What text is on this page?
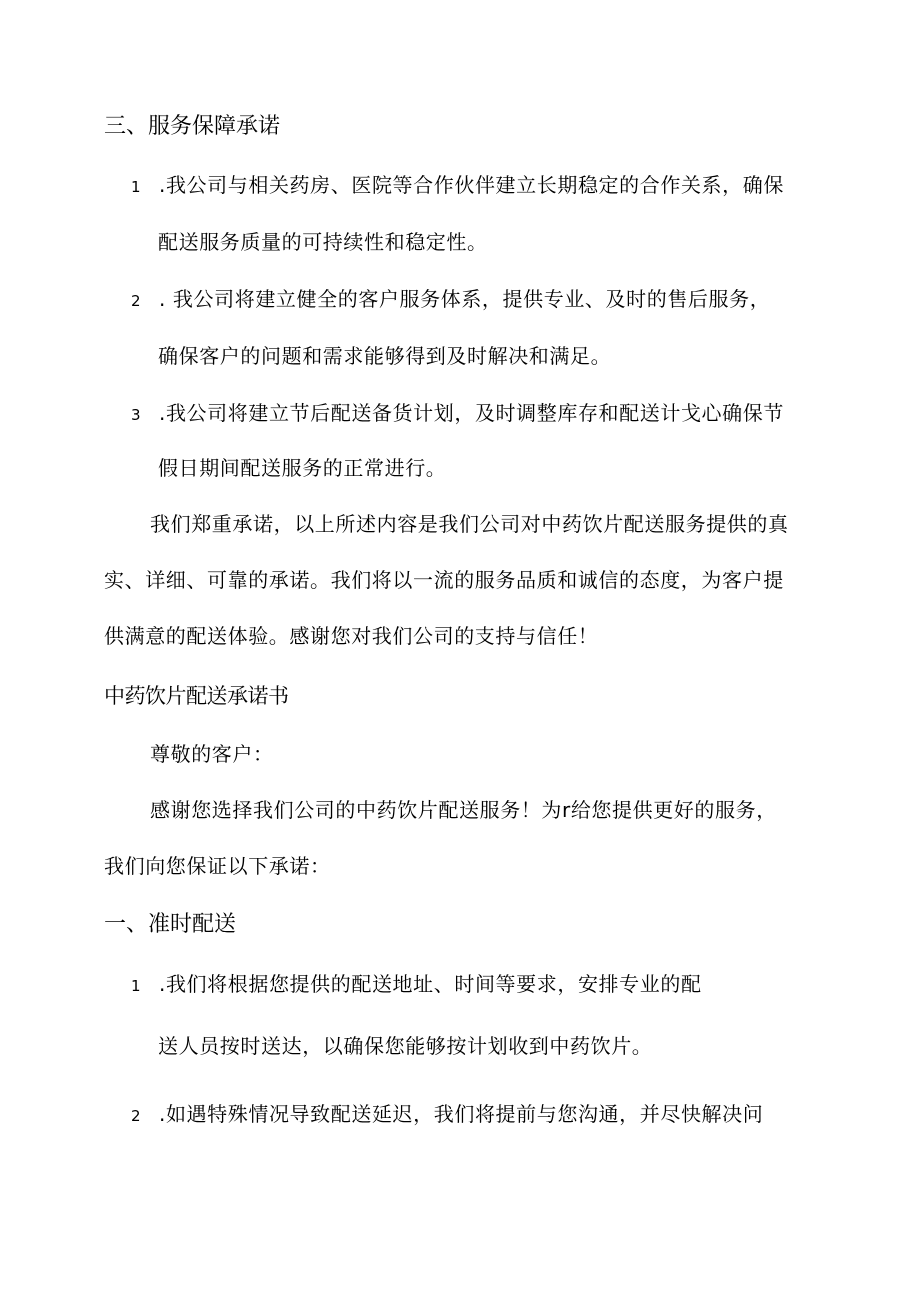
三、服务保障承诺
1 .我公司与相关药房、医院等合作伙伴建立长期稳定的合作关系，确保
配送服务质量的可持续性和稳定性。
2 . 我公司将建立健全的客户服务体系，提供专业、及时的售后服务，
确保客户的问题和需求能够得到及时解决和满足。
3 .我公司将建立节后配送备货计划，及时调整库存和配送计戈心确保节
假日期间配送服务的正常进行。
我们郑重承诺，以上所述内容是我们公司对中药饮片配送服务提供的真
实、详细、可靠的承诺。我们将以一流的服务品质和诚信的态度，为客户提
供满意的配送体验。感谢您对我们公司的支持与信任！
中药饮片配送承诺书
尊敬的客户：
感谢您选择我们公司的中药饮片配送服务！为r给您提供更好的服务，
我们向您保证以下承诺：
一、准时配送
1 .我们将根据您提供的配送地址、时间等要求，安排专业的配
送人员按时送达，以确保您能够按计划收到中药饮片。
2 .如遇特殊情况导致配送延迟，我们将提前与您沟通，并尽快解决问
